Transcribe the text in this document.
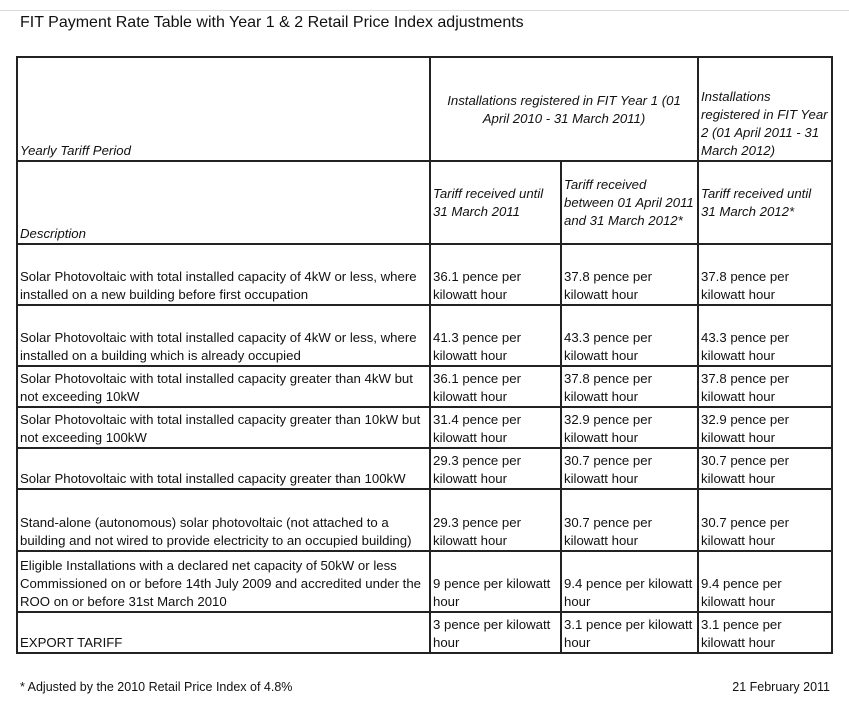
FIT Payment Rate Table with Year 1 & 2 Retail Price Index adjustments
Yearly Tariff Period	Installations registered in FIT Year 1 (01 April 2010 - 31 March 2011)		Installations registered in FIT Year 2 (01 April 2011 - 31 March 2012)
Description	Tariff received until 31 March 2011	Tariff received between 01 April 2011 and 31 March 2012*	Tariff received until 31 March 2012*
Solar Photovoltaic with total installed capacity of 4kW or less, where installed on a new building before first occupation	36.1 pence per kilowatt hour	37.8 pence per kilowatt hour	37.8 pence per kilowatt hour
Solar Photovoltaic with total installed capacity of 4kW or less, where installed on a building which is already occupied	41.3 pence per kilowatt hour	43.3 pence per kilowatt hour	43.3 pence per kilowatt hour
Solar Photovoltaic with total installed capacity greater than 4kW but not exceeding 10kW	36.1 pence per kilowatt hour	37.8 pence per kilowatt hour	37.8 pence per kilowatt hour
Solar Photovoltaic with total installed capacity greater than 10kW but not exceeding 100kW	31.4 pence per kilowatt hour	32.9 pence per kilowatt hour	32.9 pence per kilowatt hour
Solar Photovoltaic with total installed capacity greater than 100kW	29.3 pence per kilowatt hour	30.7 pence per kilowatt hour	30.7 pence per kilowatt hour
Stand-alone (autonomous) solar photovoltaic (not attached to a building and not wired to provide electricity to an occupied building)	29.3 pence per kilowatt hour	30.7 pence per kilowatt hour	30.7 pence per kilowatt hour
Eligible Installations with a declared net capacity of 50kW or less Commissioned on or before 14th July 2009 and accredited under the ROO on or before 31st March 2010	9 pence per kilowatt hour	9.4 pence per kilowatt hour	9.4 pence per kilowatt hour
EXPORT TARIFF	3 pence per kilowatt hour	3.1 pence per kilowatt hour	3.1 pence per kilowatt hour
* Adjusted by the 2010 Retail Price Index of 4.8%	21 February 2011
